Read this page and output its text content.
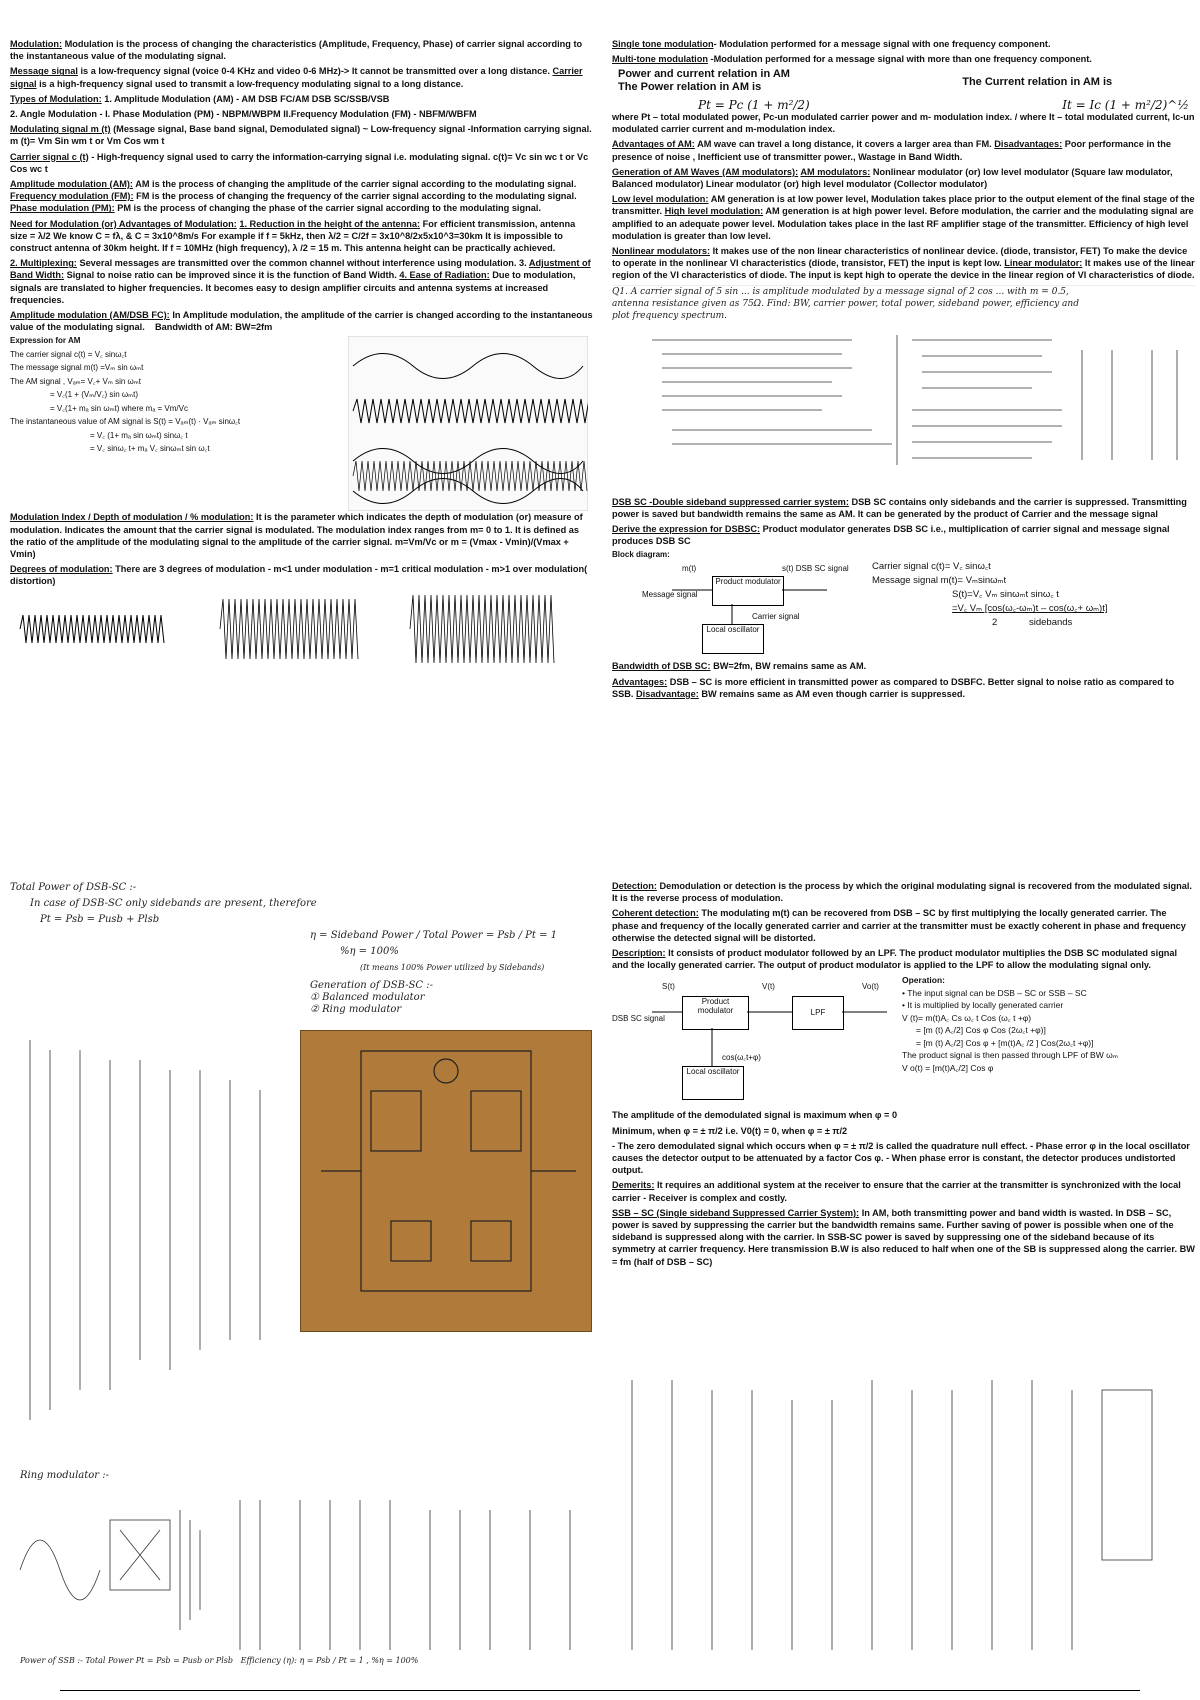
Modulation: Modulation is the process of changing the characteristics (Amplitude, Frequency, Phase) of carrier signal according to the instantaneous value of the modulating signal.

Message signal is a low-frequency signal (voice 0-4 KHz and video 0-6 MHz)-> It cannot be transmitted over a long distance. Carrier signal is a high-frequency signal used to transmit a low-frequency modulating signal to a long distance.

Types of Modulation: 1. Amplitude Modulation (AM) - AM DSB FC/AM DSB SC/SSB/VSB

2. Angle Modulation - I. Phase Modulation (PM) - NBPM/WBPM II.Frequency Modulation (FM) - NBFM/WBFM

Modulating signal m (t) (Message signal, Base band signal, Demodulated signal) ~ Low-frequency signal -Information carrying signal. m (t)= Vm Sin wm t or Vm Cos wm t

Carrier signal c (t) - High-frequency signal used to carry the information-carrying signal i.e. modulating signal. c(t)= Vc sin wc t or Vc Cos wc t

Amplitude modulation (AM): AM is the process of changing the amplitude of the carrier signal according to the modulating signal. Frequency modulation (FM): FM is the process of changing the frequency of the carrier signal according to the modulating signal. Phase modulation (PM): PM is the process of changing the phase of the carrier signal according to the modulating signal.

Need for Modulation (or) Advantages of Modulation: 1. Reduction in the height of the antenna: For efficient transmission, antenna size = λ/2 We know C = fλ, & C = 3x10^8m/s For example if f = 5kHz, then λ/2 = C/2f = 3x10^8/2x5x10^3=30km It is impossible to construct antenna of 30km height. If f = 10MHz (high frequency), λ /2 = 15 m. This antenna height can be practically achieved.

2. Multiplexing: Several messages are transmitted over the common channel without interference using modulation. 3. Adjustment of Band Width: Signal to noise ratio can be improved since it is the function of Band Width. 4. Ease of Radiation: Due to modulation, signals are translated to higher frequencies. It becomes easy to design amplifier circuits and antenna systems at increased frequencies.

Amplitude modulation (AM/DSB FC): In Amplitude modulation, the amplitude of the carrier is changed according to the instantaneous value of the modulating signal. Bandwidth of AM: BW=2fm

Expression for AM

The carrier signal c(t) = V꜀ sinω꜀t

The message signal m(t) =Vₘ sin ωₘt

The AM signal , Vₐₘ= V꜀+ Vₘ sin ωₘt

= V꜀(1 + (Vₘ/V꜀) sin ωₘt)

= V꜀(1+ mₐ sin ωₘt) where mₐ = Vm/Vc

The instantaneous value of AM signal is S(t) = Vₐₘ(t) · Vₐₘ sinω꜀t

= V꜀ (1+ mₐ sin ωₘt) sinω꜀ t

= V꜀ sinω꜀ t+ mₐ V꜀ sinωₘt sin ω꜀t

Modulation Index / Depth of modulation / % modulation: It is the parameter which indicates the depth of modulation (or) measure of modulation. Indicates the amount that the carrier signal is modulated. The modulation index ranges from m= 0 to 1. It is defined as the ratio of the amplitude of the modulating signal to the amplitude of the carrier signal. m=Vm/Vc or m = (Vmax - Vmin)/(Vmax + Vmin)

Degrees of modulation: There are 3 degrees of modulation - m<1 under modulation - m=1 critical modulation - m>1 over modulation( distortion)

Single tone modulation- Modulation performed for a message signal with one frequency component.

Multi-tone modulation -Modulation performed for a message signal with more than one frequency component.

Power and current relation in AM

The Power relation in AM is

Pt = Pc (1 + m²/2)

The Current relation in AM is

It = Ic (1 + m²/2)^½

where Pt – total modulated power, Pc-un modulated carrier power and m- modulation index. / where It – total modulated current, Ic-un modulated carrier current and m-modulation index.

Advantages of AM: AM wave can travel a long distance, it covers a larger area than FM. Disadvantages: Poor performance in the presence of noise , Inefficient use of transmitter power., Wastage in Band Width.

Generation of AM Waves (AM modulators): AM modulators: Nonlinear modulator (or) low level modulator (Square law modulator, Balanced modulator) Linear modulator (or) high level modulator (Collector modulator)

Low level modulation: AM generation is at low power level, Modulation takes place prior to the output element of the final stage of the transmitter. High level modulation: AM generation is at high power level. Before modulation, the carrier and the modulating signal are amplified to an adequate power level. Modulation takes place in the last RF amplifier stage of the transmitter. Efficiency of high level modulation is greater than low level.

Nonlinear modulators: It makes use of the non linear characteristics of nonlinear device. (diode, transistor, FET) To make the device to operate in the nonlinear VI characteristics (diode, transistor, FET) the input is kept low. Linear modulator: It makes use of the linear region of the VI characteristics of diode. The input is kept high to operate the device in the linear region of VI characteristics of diode.

Q1. A carrier signal of 5 sin ... is amplitude modulated by a message signal of 2 cos ... with m = 0.5, antenna resistance given as 75Ω. Find: BW, carrier power, total power, sideband power, efficiency and plot frequency spectrum.

DSB SC -Double sideband suppressed carrier system: DSB SC contains only sidebands and the carrier is suppressed. Transmitting power is saved but bandwidth remains the same as AM. It can be generated by the product of Carrier and the message signal

Derive the expression for DSBSC: Product modulator generates DSB SC i.e., multiplication of carrier signal and message signal produces DSB SC

Block diagram:
m(t)	s(t) DSB SC signal
Message signal
Product modulator
Carrier signal
Local oscillator
Carrier signal c(t)= V꜀ sinω꜀t
Message signal m(t)= Vₘsinωₘt
S(t)=V꜀ Vₘ sinωₘt sinω꜀ t
=V꜀ Vₘ [cos(ω꜀-ωₘ)t – cos(ω꜀+ ωₘ)t]
2	sidebands

Bandwidth of DSB SC: BW=2fm, BW remains same as AM.

Advantages: DSB – SC is more efficient in transmitted power as compared to DSBFC. Better signal to noise ratio as compared to SSB. Disadvantage: BW remains same as AM even though carrier is suppressed.

Total Power of DSB-SC :-
In case of DSB-SC only sidebands are present, therefore
Pt = Psb = Pusb + Plsb
η = Sideband Power / Total Power = Psb / Pt = 1
%η = 100%
(It means 100% Power utilized by Sidebands)
Generation of DSB-SC :-
① Balanced modulator
② Ring modulator
Ring modulator :-
Power of SSB :- Total Power Pt = Psb = Pusb or Plsb Efficiency (η): η = Psb / Pt = 1 , %η = 100%

Detection: Demodulation or detection is the process by which the original modulating signal is recovered from the modulated signal. It is the reverse process of modulation.

Coherent detection: The modulating m(t) can be recovered from DSB – SC by first multiplying the locally generated carrier. The phase and frequency of the locally generated carrier and carrier at the transmitter must be exactly coherent in phase and frequency otherwise the detected signal will be distorted.

Description: It consists of product modulator followed by an LPF. The product modulator multiplies the DSB SC modulated signal and the locally generated carrier. The output of product modulator is applied to the LPF to allow the modulating signal only.

S(t)	V(t)	Vo(t)
DSB SC signal
Product modulator	LPF
cos(ω꜀t+φ)
Local oscillator
Operation:
• The input signal can be DSB – SC or SSB – SC
• It is multiplied by locally generated carrier
V (t)= m(t)A꜀ Cs ω꜀ t Cos (ω꜀ t +φ)
= [m (t) A꜀/2] Cos φ Cos (2ω꜀t +φ)]
= [m (t) A꜀/2] Cos φ + [m(t)A꜀ /2 ] Cos(2ω꜀t +φ)]
The product signal is then passed through LPF of BW ωₘ
V o(t) = [m(t)A꜀/2] Cos φ

The amplitude of the demodulated signal is maximum when φ = 0

Minimum, when φ = ± π/2 i.e. V0(t) = 0, when φ = ± π/2

- The zero demodulated signal which occurs when φ = ± π/2 is called the quadrature null effect. - Phase error φ in the local oscillator causes the detector output to be attenuated by a factor Cos φ. - When phase error is constant, the detector produces undistorted output.

Demerits: It requires an additional system at the receiver to ensure that the carrier at the transmitter is synchronized with the local carrier - Receiver is complex and costly.

SSB – SC (Single sideband Suppressed Carrier System): In AM, both transmitting power and band width is wasted. In DSB – SC, power is saved by suppressing the carrier but the bandwidth remains same. Further saving of power is possible when one of the sideband is suppressed along with the carrier. In SSB-SC power is saved by suppressing one of the sideband because of its symmetry at carrier frequency. Here transmission B.W is also reduced to half when one of the SB is suppressed along the carrier. BW = fm (half of DSB – SC)
